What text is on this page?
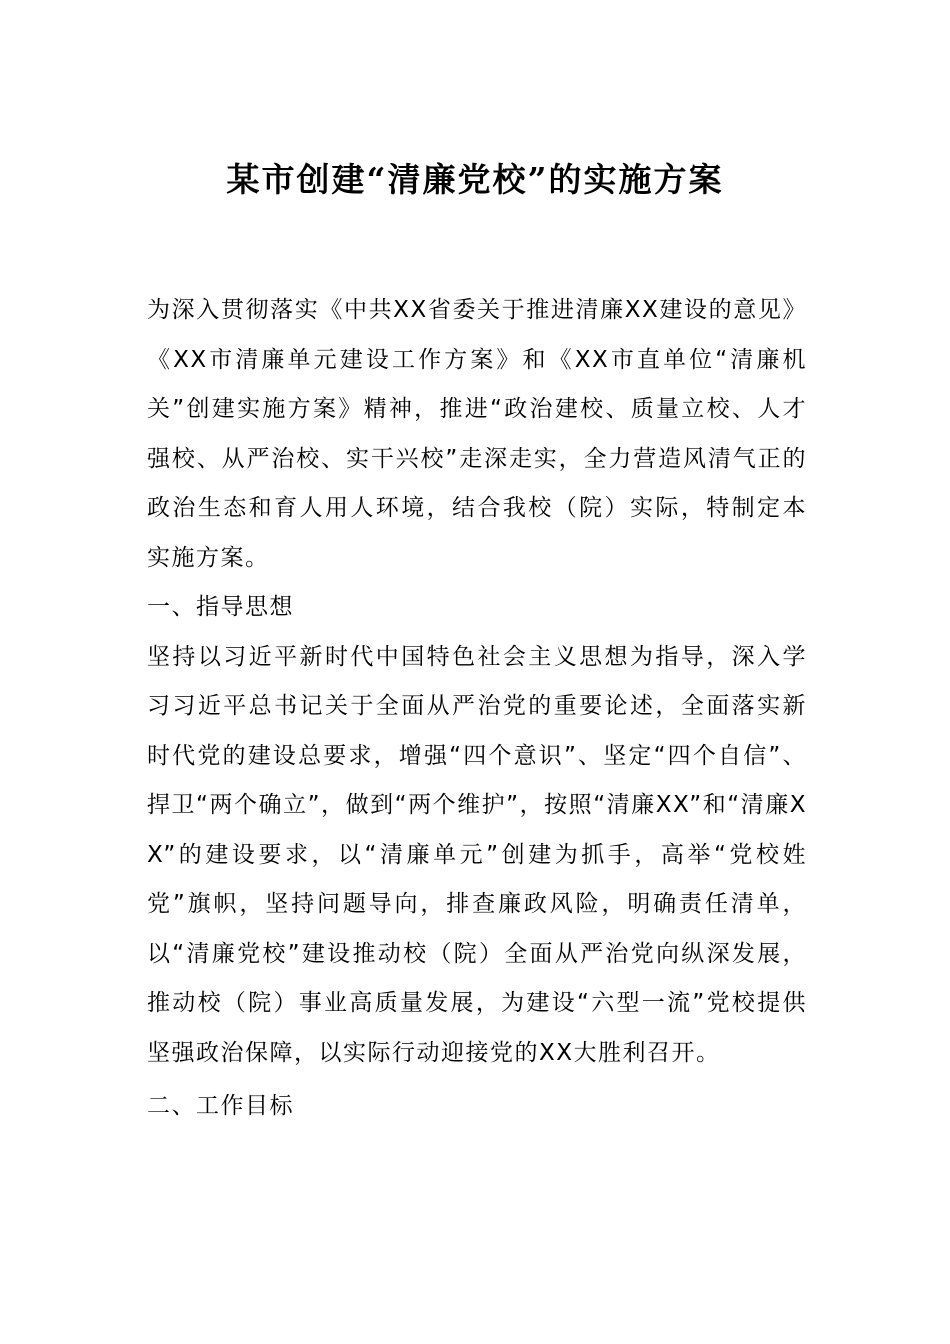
某市创建“清廉党校”的实施方案

为深入贯彻落实《中共XX省委关于推进清廉XX建设的意见》《XX市清廉单元建设工作方案》和《XX市直单位“清廉机关”创建实施方案》精神，推进“政治建校、质量立校、人才强校、从严治校、实干兴校”走深走实，全力营造风清气正的政治生态和育人用人环境，结合我校（院）实际，特制定本实施方案。

一、指导思想

坚持以习近平新时代中国特色社会主义思想为指导，深入学习习近平总书记关于全面从严治党的重要论述，全面落实新时代党的建设总要求，增强“四个意识”、坚定“四个自信”、捍卫“两个确立”，做到“两个维护”，按照“清廉XX”和“清廉XX”的建设要求，以“清廉单元”创建为抓手，高举“党校姓党”旗帜，坚持问题导向，排查廉政风险，明确责任清单，以“清廉党校”建设推动校（院）全面从严治党向纵深发展，推动校（院）事业高质量发展，为建设“六型一流”党校提供坚强政治保障，以实际行动迎接党的XX大胜利召开。

二、工作目标
